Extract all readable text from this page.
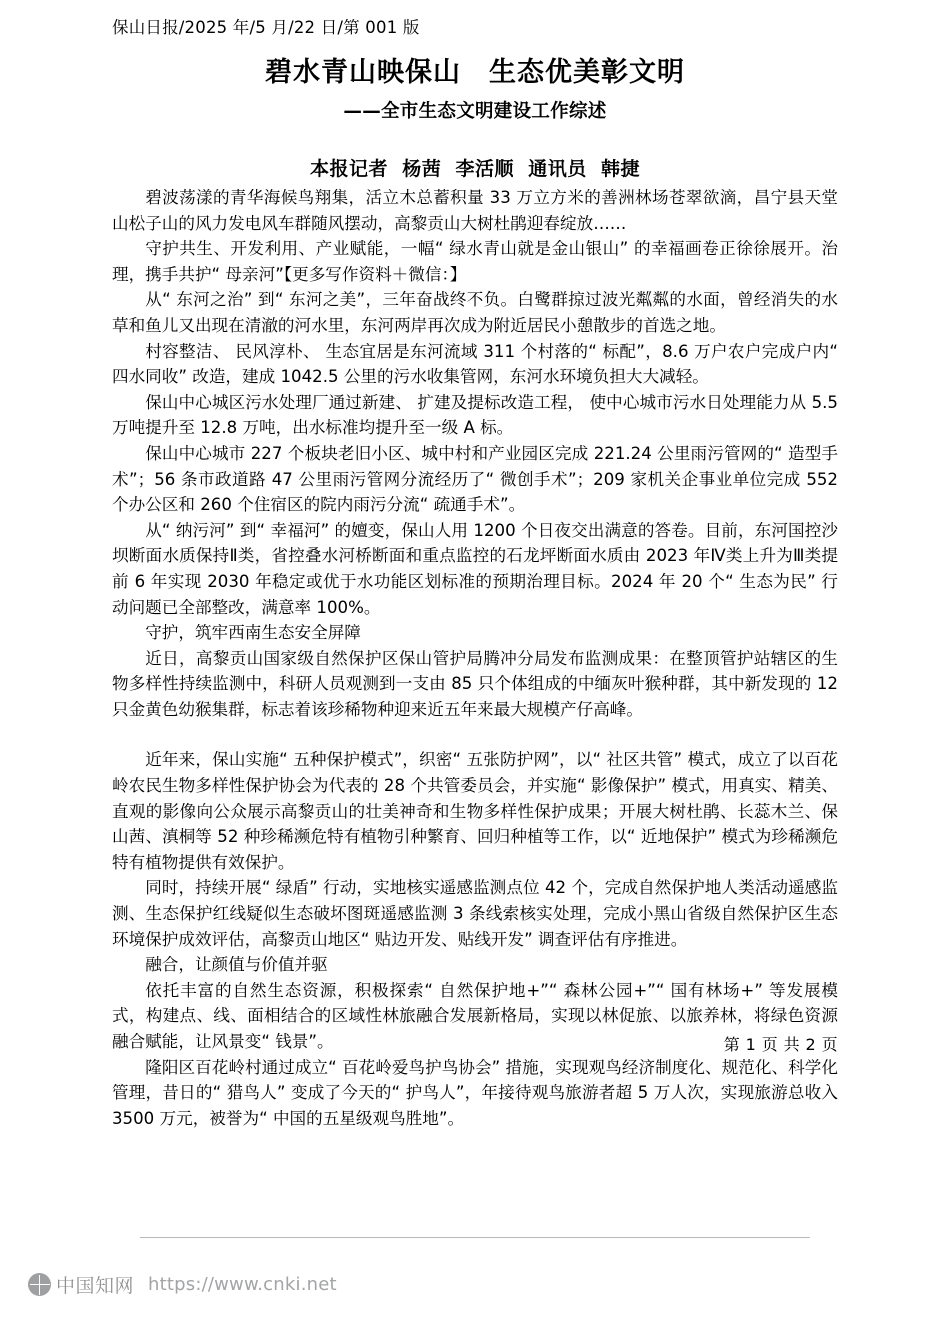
保山日报/2025 年/5 月/22 日/第 001 版
碧水青山映保山　生态优美彰文明
——全市生态文明建设工作综述
本报记者  杨茜  李活顺  通讯员  韩捷

碧波荡漾的青华海候鸟翔集，活立木总蓄积量 33 万立方米的善洲林场苍翠欲滴，昌宁县天堂山松子山的风力发电风车群随风摆动，高黎贡山大树杜鹃迎春绽放……

守护共生、开发利用、产业赋能，一幅“ 绿水青山就是金山银山” 的幸福画卷正徐徐展开。治理，携手共护“ 母亲河”【更多写作资料＋微信：】

从“ 东河之治” 到“ 东河之美”，三年奋战终不负。白鹭群掠过波光粼粼的水面，曾经消失的水草和鱼儿又出现在清澈的河水里，东河两岸再次成为附近居民小憩散步的首选之地。

村容整洁、 民风淳朴、 生态宜居是东河流域 311 个村落的“ 标配”，8.6 万户农户完成户内“ 四水同收” 改造，建成 1042.5 公里的污水收集管网，东河水环境负担大大减轻。

保山中心城区污水处理厂通过新建、 扩建及提标改造工程， 使中心城市污水日处理能力从 5.5 万吨提升至 12.8 万吨，出水标准均提升至一级 A 标。

保山中心城市 227 个板块老旧小区、城中村和产业园区完成 221.24 公里雨污管网的“ 造型手术”；56 条市政道路 47 公里雨污管网分流经历了“ 微创手术”；209 家机关企事业单位完成 552 个办公区和 260 个住宿区的院内雨污分流“ 疏通手术”。

从“ 纳污河” 到“ 幸福河” 的嬗变，保山人用 1200 个日夜交出满意的答卷。目前，东河国控沙坝断面水质保持Ⅱ类，省控叠水河桥断面和重点监控的石龙坪断面水质由 2023 年Ⅳ类上升为Ⅲ类提前 6 年实现 2030 年稳定或优于水功能区划标准的预期治理目标。2024 年 20 个“ 生态为民” 行动问题已全部整改，满意率 100%。

守护，筑牢西南生态安全屏障

近日，高黎贡山国家级自然保护区保山管护局腾冲分局发布监测成果：在整顶管护站辖区的生物多样性持续监测中，科研人员观测到一支由 85 只个体组成的中缅灰叶猴种群，其中新发现的 12 只金黄色幼猴集群，标志着该珍稀物种迎来近五年来最大规模产仔高峰。

近年来，保山实施“ 五种保护模式”，织密“ 五张防护网”，以“ 社区共管” 模式，成立了以百花岭农民生物多样性保护协会为代表的 28 个共管委员会，并实施“ 影像保护” 模式，用真实、精美、直观的影像向公众展示高黎贡山的壮美神奇和生物多样性保护成果；开展大树杜鹃、长蕊木兰、保山茜、滇桐等 52 种珍稀濒危特有植物引种繁育、回归种植等工作，以“ 近地保护” 模式为珍稀濒危特有植物提供有效保护。

同时，持续开展“ 绿盾” 行动，实地核实遥感监测点位 42 个，完成自然保护地人类活动遥感监测、生态保护红线疑似生态破坏图斑遥感监测 3 条线索核实处理，完成小黑山省级自然保护区生态环境保护成效评估，高黎贡山地区“ 贴边开发、贴线开发” 调查评估有序推进。

融合，让颜值与价值并驱

依托丰富的自然生态资源，积极探索“ 自然保护地+”“ 森林公园+”“ 国有林场+” 等发展模式，构建点、线、面相结合的区域性林旅融合发展新格局，实现以林促旅、以旅养林，将绿色资源融合赋能，让风景变“ 钱景”。

隆阳区百花岭村通过成立“ 百花岭爱鸟护鸟协会” 措施，实现观鸟经济制度化、规范化、科学化管理，昔日的“ 猎鸟人” 变成了今天的“ 护鸟人”，年接待观鸟旅游者超 5 万人次，实现旅游总收入 3500 万元，被誉为“ 中国的五星级观鸟胜地”。

第 1 页 共 2 页
中国知网 https://www.cnki.net
